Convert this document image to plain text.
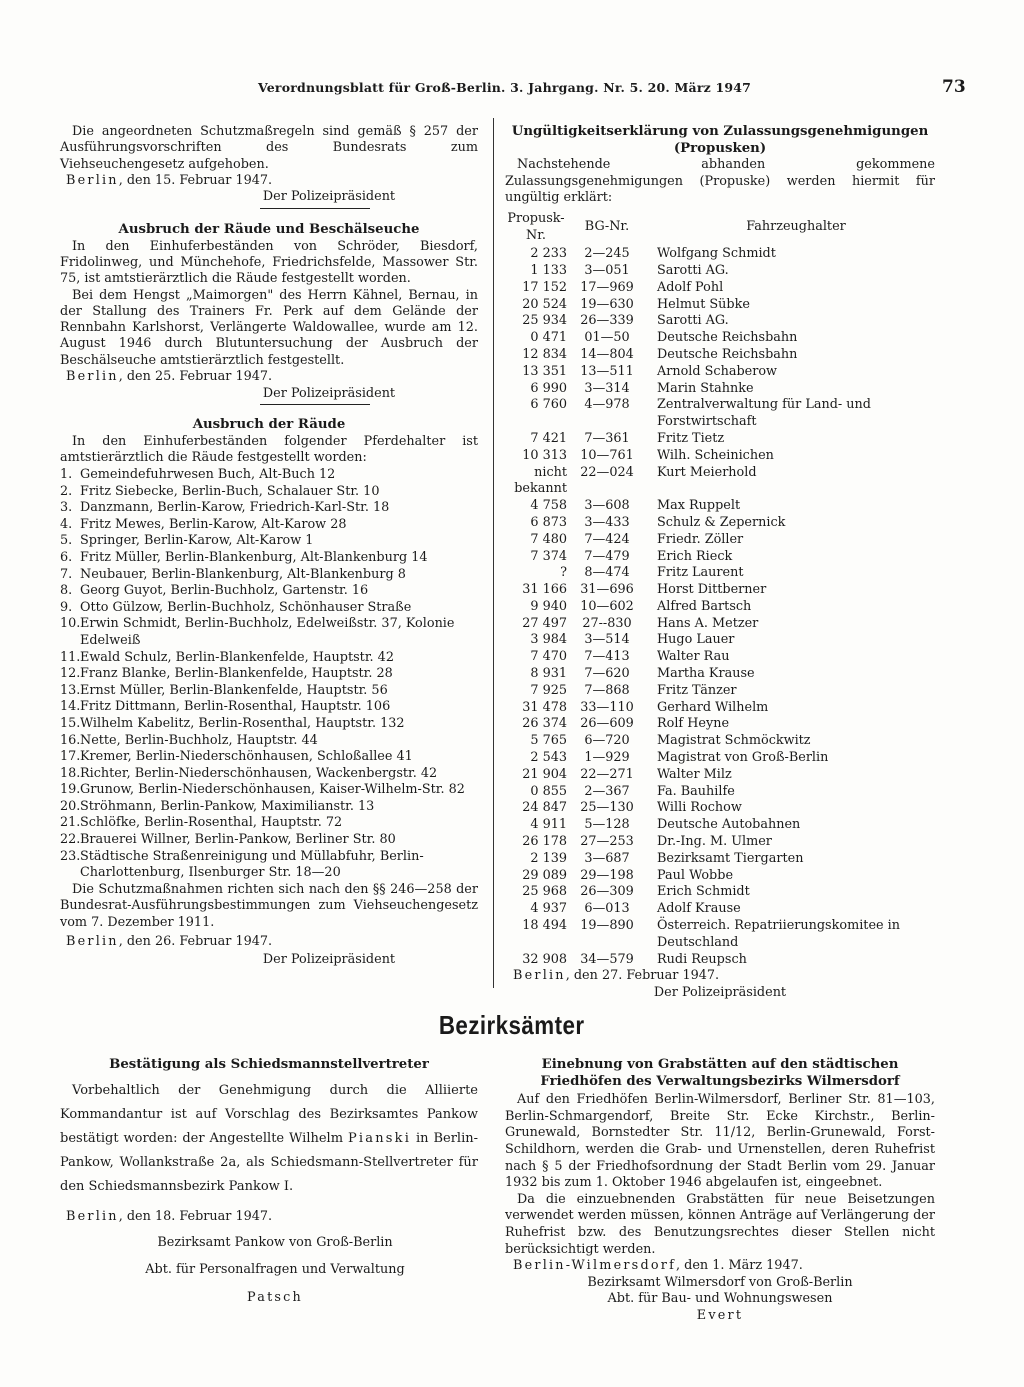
Verordnungsblatt für Groß-Berlin. 3. Jahrgang. Nr. 5. 20. März 1947	73
Die angeordneten Schutzmaßregeln sind gemäß § 257 der Ausführungsvorschriften des Bundesrats zum Viehseuchengesetz aufgehoben.
Berlin, den 15. Februar 1947.
Der Polizeipräsident
Ausbruch der Räude und Beschälseuche
In den Einhuferbeständen von Schröder, Biesdorf, Fridolinweg, und Münchehofe, Friedrichsfelde, Massower Str. 75, ist amtstierärztlich die Räude festgestellt worden.
Bei dem Hengst „Maimorgen" des Herrn Kähnel, Bernau, in der Stallung des Trainers Fr. Perk auf dem Gelände der Rennbahn Karlshorst, Verlängerte Waldowallee, wurde am 12. August 1946 durch Blutuntersuchung der Ausbruch der Beschälseuche amtstierärztlich festgestellt.
Berlin, den 25. Februar 1947.
Der Polizeipräsident
Ausbruch der Räude
In den Einhuferbeständen folgender Pferdehalter ist amtstierärztlich die Räude festgestellt worden:
1. Gemeindefuhrwesen Buch, Alt-Buch 12
2. Fritz Siebecke, Berlin-Buch, Schalauer Str. 10
3. Danzmann, Berlin-Karow, Friedrich-Karl-Str. 18
4. Fritz Mewes, Berlin-Karow, Alt-Karow 28
5. Springer, Berlin-Karow, Alt-Karow 1
6. Fritz Müller, Berlin-Blankenburg, Alt-Blankenburg 14
7. Neubauer, Berlin-Blankenburg, Alt-Blankenburg 8
8. Georg Guyot, Berlin-Buchholz, Gartenstr. 16
9. Otto Gülzow, Berlin-Buchholz, Schönhauser Straße
10. Erwin Schmidt, Berlin-Buchholz, Edelweißstr. 37, Kolonie Edelweiß
11. Ewald Schulz, Berlin-Blankenfelde, Hauptstr. 42
12. Franz Blanke, Berlin-Blankenfelde, Hauptstr. 28
13. Ernst Müller, Berlin-Blankenfelde, Hauptstr. 56
14. Fritz Dittmann, Berlin-Rosenthal, Hauptstr. 106
15. Wilhelm Kabelitz, Berlin-Rosenthal, Hauptstr. 132
16. Nette, Berlin-Buchholz, Hauptstr. 44
17. Kremer, Berlin-Niederschönhausen, Schloßallee 41
18. Richter, Berlin-Niederschönhausen, Wackenbergstr. 42
19. Grunow, Berlin-Niederschönhausen, Kaiser-Wilhelm-Str. 82
20. Ströhmann, Berlin-Pankow, Maximilianstr. 13
21. Schlöfke, Berlin-Rosenthal, Hauptstr. 72
22. Brauerei Willner, Berlin-Pankow, Berliner Str. 80
23. Städtische Straßenreinigung und Müllabfuhr, Berlin-Charlottenburg, Ilsenburger Str. 18—20
Die Schutzmaßnahmen richten sich nach den §§ 246—258 der Bundesrat-Ausführungsbestimmungen zum Viehseuchengesetz vom 7. Dezember 1911.
Berlin, den 26. Februar 1947.
Der Polizeipräsident
Ungültigkeitserklärung von Zulassungsgenehmigungen
(Propusken)
Nachstehende abhanden gekommene Zulassungsgenehmigungen (Propuske) werden hiermit für ungültig erklärt:
Propusk-Nr.	BG-Nr.	Fahrzeughalter
2 233	2—245	Wolfgang Schmidt
1 133	3—051	Sarotti AG.
17 152	17—969	Adolf Pohl
20 524	19—630	Helmut Sübke
25 934	26—339	Sarotti AG.
0 471	01—50	Deutsche Reichsbahn
12 834	14—804	Deutsche Reichsbahn
13 351	13—511	Arnold Schaberow
6 990	3—314	Marin Stahnke
6 760	4—978	Zentralverwaltung für Land- und Forstwirtschaft
7 421	7—361	Fritz Tietz
10 313	10—761	Wilh. Scheinichen
nicht bekannt	22—024	Kurt Meierhold
4 758	3—608	Max Ruppelt
6 873	3—433	Schulz & Zepernick
7 480	7—424	Friedr. Zöller
7 374	7—479	Erich Rieck
?	8—474	Fritz Laurent
31 166	31—696	Horst Dittberner
9 940	10—602	Alfred Bartsch
27 497	27--830	Hans A. Metzer
3 984	3—514	Hugo Lauer
7 470	7—413	Walter Rau
8 931	7—620	Martha Krause
7 925	7—868	Fritz Tänzer
31 478	33—110	Gerhard Wilhelm
26 374	26—609	Rolf Heyne
5 765	6—720	Magistrat Schmöckwitz
2 543	1—929	Magistrat von Groß-Berlin
21 904	22—271	Walter Milz
0 855	2—367	Fa. Bauhilfe
24 847	25—130	Willi Rochow
4 911	5—128	Deutsche Autobahnen
26 178	27—253	Dr.-Ing. M. Ulmer
2 139	3—687	Bezirksamt Tiergarten
29 089	29—198	Paul Wobbe
25 968	26—309	Erich Schmidt
4 937	6—013	Adolf Krause
18 494	19—890	Österreich. Repatriierungskomitee in Deutschland
32 908	34—579	Rudi Reupsch
Berlin, den 27. Februar 1947.
Der Polizeipräsident
Bezirksämter
Bestätigung als Schiedsmannstellvertreter
Vorbehaltlich der Genehmigung durch die Alliierte Kommandantur ist auf Vorschlag des Bezirksamtes Pankow bestätigt worden: der Angestellte Wilhelm Pianski in Berlin-Pankow, Wollankstraße 2a, als Schiedsmann-Stellvertreter für den Schiedsmannsbezirk Pankow I.
Berlin, den 18. Februar 1947.
Bezirksamt Pankow von Groß-Berlin
Abt. für Personalfragen und Verwaltung
Patsch
Einebnung von Grabstätten auf den städtischen Friedhöfen des Verwaltungsbezirks Wilmersdorf
Auf den Friedhöfen Berlin-Wilmersdorf, Berliner Str. 81—103, Berlin-Schmargendorf, Breite Str. Ecke Kirchstr., Berlin-Grunewald, Bornstedter Str. 11/12, Berlin-Grunewald, Forst-Schildhorn, werden die Grab- und Urnenstellen, deren Ruhefrist nach § 5 der Friedhofsordnung der Stadt Berlin vom 29. Januar 1932 bis zum 1. Oktober 1946 abgelaufen ist, eingeebnet.
Da die einzuebnenden Grabstätten für neue Beisetzungen verwendet werden müssen, können Anträge auf Verlängerung der Ruhefrist bzw. des Benutzungsrechtes dieser Stellen nicht berücksichtigt werden.
Berlin-Wilmersdorf, den 1. März 1947.
Bezirksamt Wilmersdorf von Groß-Berlin
Abt. für Bau- und Wohnungswesen
Evert
